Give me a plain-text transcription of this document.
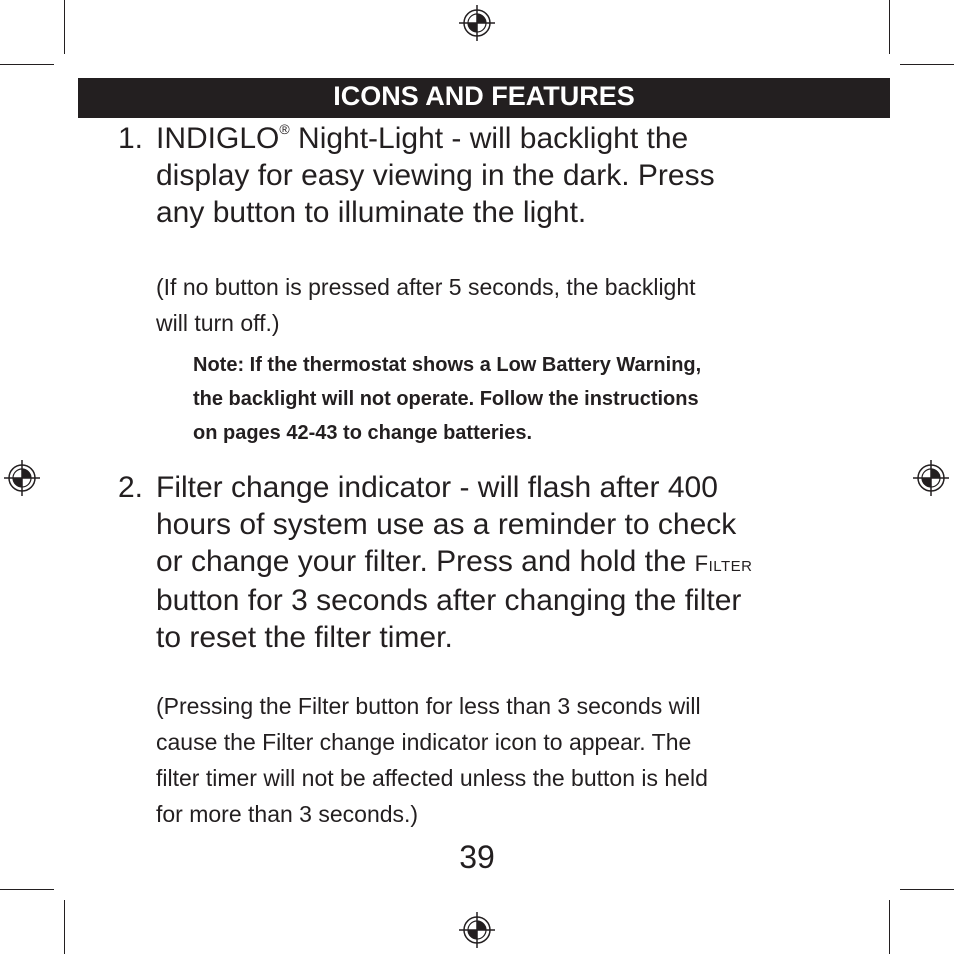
ICONS AND FEATURES
1. INDIGLO® Night-Light - will backlight the
display for easy viewing in the dark. Press
any button to illuminate the light.
(If no button is pressed after 5 seconds, the backlight
will turn off.)
Note: If the thermostat shows a Low Battery Warning,
the backlight will not operate. Follow the instructions
on pages 42-43 to change batteries.
2. Filter change indicator - will flash after 400
hours of system use as a reminder to check
or change your filter. Press and hold the Filter
button for 3 seconds after changing the filter
to reset the filter timer.
(Pressing the Filter button for less than 3 seconds will
cause the Filter change indicator icon to appear. The
filter timer will not be affected unless the button is held
for more than 3 seconds.)
39
